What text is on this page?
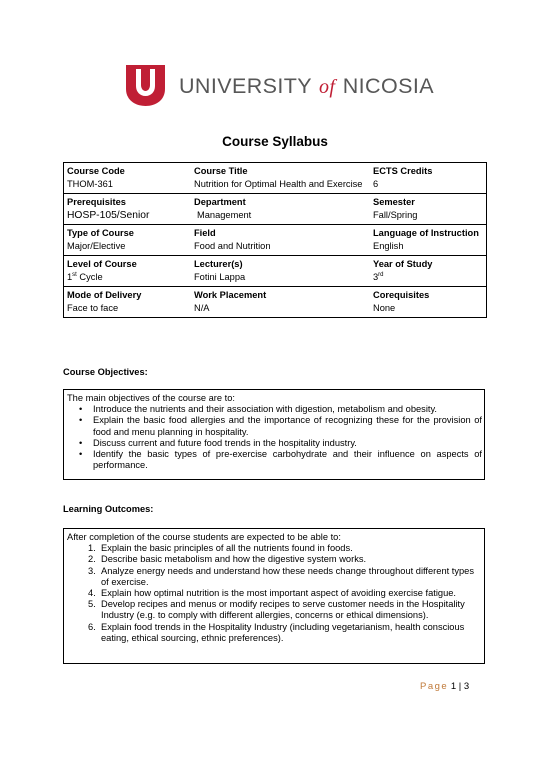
UNIVERSITY of NICOSIA
Course Syllabus
Course Code	Course Title	ECTS Credits
THOM-361	Nutrition for Optimal Health and Exercise	6
Prerequisites	Department	Semester
HOSP-105/Senior	Management	Fall/Spring
Type of Course	Field	Language of Instruction
Major/Elective	Food and Nutrition	English
Level of Course	Lecturer(s)	Year of Study
1st Cycle	Fotini Lappa	3rd
Mode of Delivery	Work Placement	Corequisites
Face to face	N/A	None
Course Objectives:
The main objectives of the course are to:
• Introduce the nutrients and their association with digestion, metabolism and obesity.
• Explain the basic food allergies and the importance of recognizing these for the provision of food and menu planning in hospitality.
• Discuss current and future food trends in the hospitality industry.
• Identify the basic types of pre-exercise carbohydrate and their influence on aspects of performance.
Learning Outcomes:
After completion of the course students are expected to be able to:
1. Explain the basic principles of all the nutrients found in foods.
2. Describe basic metabolism and how the digestive system works.
3. Analyze energy needs and understand how these needs change throughout different types of exercise.
4. Explain how optimal nutrition is the most important aspect of avoiding exercise fatigue.
5. Develop recipes and menus or modify recipes to serve customer needs in the Hospitality Industry (e.g. to comply with different allergies, concerns or ethical dimensions).
6. Explain food trends in the Hospitality Industry (including vegetarianism, health conscious eating, ethical sourcing, ethnic preferences).
Page 1 | 3
